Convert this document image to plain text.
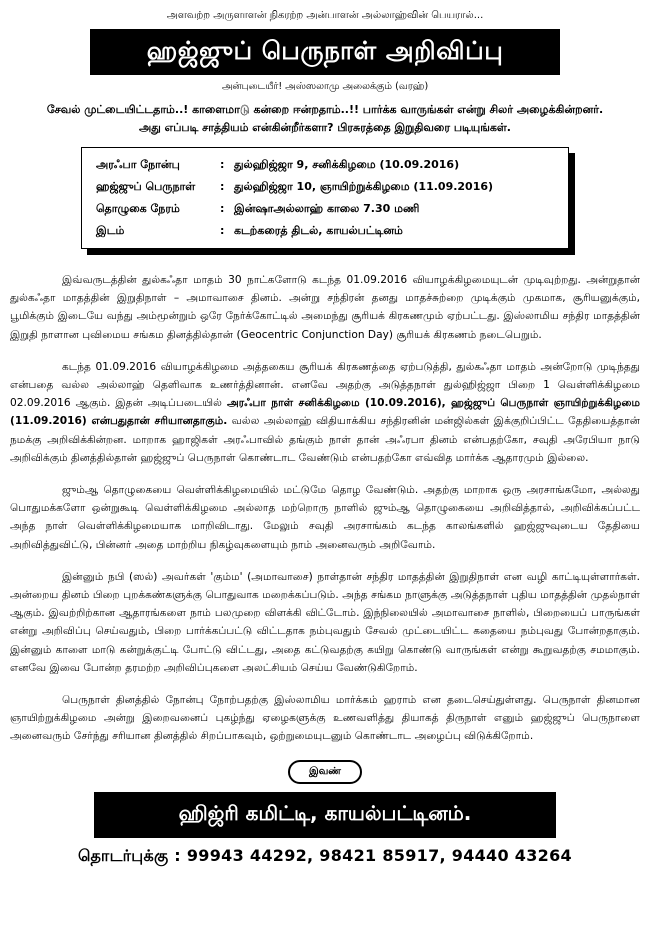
அளவற்ற அருளாளன் நிகரற்ற அன்பாளன் அல்லாஹ்வின் பெயரால்...
ஹஜ்ஜுப் பெருநாள் அறிவிப்பு
அன்புடையீர்! அஸ்ஸலாமு அலைக்கும் (வரஹ்)
சேவல் முட்டையிட்டதாம்..! காளைமாடு கன்றை ஈன்றதாம்..!! பார்க்க வாருங்கள் என்று சிலர் அழைக்கின்றனர்.
அது எப்படி சாத்தியம் என்கின்றீர்களா? பிரசுரத்தை இறுதிவரை படியுங்கள்.
அரஃபா நோன்பு	: துல்ஹிஜ்ஜா 9, சனிக்கிழமை (10.09.2016)
ஹஜ்ஜுப் பெருநாள்	: துல்ஹிஜ்ஜா 10, ஞாயிற்றுக்கிழமை (11.09.2016)
தொழுகை நேரம்	: இன்ஷாஅல்லாஹ் காலை 7.30 மணி
இடம்	: கடற்கரைத் திடல், காயல்பட்டினம்

இவ்வருடத்தின் துல்கஃதா மாதம் 30 நாட்களோடு கடந்த 01.09.2016 வியாழக்கிழமையுடன் முடிவுற்றது. அன்றுதான் துல்கஃதா மாதத்தின் இறுதிநாள் – அமாவாசை தினம். அன்று சந்திரன் தனது மாதச்சுற்றை முடிக்கும் முகமாக, சூரியனுக்கும், பூமிக்கும் இடையே வந்து அம்மூன்றும் ஒரே நேர்க்கோட்டில் அமைந்து சூரியக் கிரகணமும் ஏற்பட்டது. இஸ்லாமிய சந்திர மாதத்தின் இறுதி நாளான புவிமைய சங்கம தினத்தில்தான் (Geocentric Conjunction Day) சூரியக் கிரகணம் நடைபெறும்.

கடந்த 01.09.2016 வியாழக்கிழமை அத்தகைய சூரியக் கிரகணத்தை ஏற்படுத்தி, துல்கஃதா மாதம் அன்றோடு முடிந்தது என்பதை வல்ல அல்லாஹ் தெளிவாக உணர்த்தினான். எனவே அதற்கு அடுத்தநாள் துல்ஹிஜ்ஜா பிறை 1 வெள்ளிக்கிழமை 02.09.2016 ஆகும். இதன் அடிப்படையில் அரஃபா நாள் சனிக்கிழமை (10.09.2016), ஹஜ்ஜுப் பெருநாள் ஞாயிற்றுக்கிழமை (11.09.2016) என்பதுதான் சரியானதாகும். வல்ல அல்லாஹ் விதியாக்கிய சந்திரனின் மன்ஜில்கள் இக்குறிப்பிட்ட தேதியைத்தான் நமக்கு அறிவிக்கின்றன. மாறாக ஹாஜிகள் அரஃபாவில் தங்கும் நாள் தான் அஃரபா தினம் என்பதற்கோ, சவுதி அரேபியா நாடு அறிவிக்கும் தினத்தில்தான் ஹஜ்ஜுப் பெருநாள் கொண்டாட வேண்டும் என்பதற்கோ எவ்வித மார்க்க ஆதாரமும் இல்லை.

ஜும்ஆ தொழுகையை வெள்ளிக்கிழமையில் மட்டுமே தொழ வேண்டும். அதற்கு மாறாக ஒரு அரசாங்கமோ, அல்லது பொதுமக்களோ ஒன்றுகூடி வெள்ளிக்கிழமை அல்லாத மற்றொரு நாளில் ஜும்ஆ தொழுகையை அறிவித்தால், அறிவிக்கப்பட்ட அந்த நாள் வெள்ளிக்கிழமையாக மாறிவிடாது. மேலும் சவுதி அரசாங்கம் கடந்த காலங்களில் ஹஜ்ஜுவுடைய தேதியை அறிவித்துவிட்டு, பின்னர் அதை மாற்றிய நிகழ்வுகளையும் நாம் அனைவரும் அறிவோம்.

இன்னும் நபி (ஸல்) அவர்கள் 'கும்ம' (அமாவாசை) நாள்தான் சந்திர மாதத்தின் இறுதிநாள் என வழி காட்டியுள்ளார்கள். அன்றைய தினம் பிறை புறக்கண்களுக்கு பொதுவாக மறைக்கப்படும். அந்த சங்கம நாளுக்கு அடுத்தநாள் புதிய மாதத்தின் முதல்நாள் ஆகும். இவற்றிற்கான ஆதாரங்களை நாம் பலமுறை விளக்கி விட்டோம். இந்நிலையில் அமாவாசை நாளில், பிறையைப் பாருங்கள் என்று அறிவிப்பு செய்வதும், பிறை பார்க்கப்பட்டு விட்டதாக நம்புவதும் சேவல் முட்டையிட்ட கதையை நம்புவது போன்றதாகும். இன்னும் காளை மாடு கன்றுக்குட்டி போட்டு விட்டது, அதை கட்டுவதற்கு கயிறு கொண்டு வாருங்கள் என்று கூறுவதற்கு சமமாகும். எனவே இவை போன்ற தரமற்ற அறிவிப்புகளை அலட்சியம் செய்ய வேண்டுகிறோம்.

பெருநாள் தினத்தில் நோன்பு நோற்பதற்கு இஸ்லாமிய மார்க்கம் ஹராம் என தடைசெய்துள்ளது. பெருநாள் தினமான ஞாயிற்றுக்கிழமை அன்று இறைவனைப் புகழ்ந்து ஏழைகளுக்கு உணவளித்து தியாகத் திருநாள் எனும் ஹஜ்ஜுப் பெருநாளை அனைவரும் சேர்ந்து சரியான தினத்தில் சிறப்பாகவும், ஒற்றுமையுடனும் கொண்டாட அழைப்பு விடுக்கிறோம்.

இவண்
ஹிஜ்ரி கமிட்டி, காயல்பட்டினம்.
தொடர்புக்கு : 99943 44292, 98421 85917, 94440 43264
